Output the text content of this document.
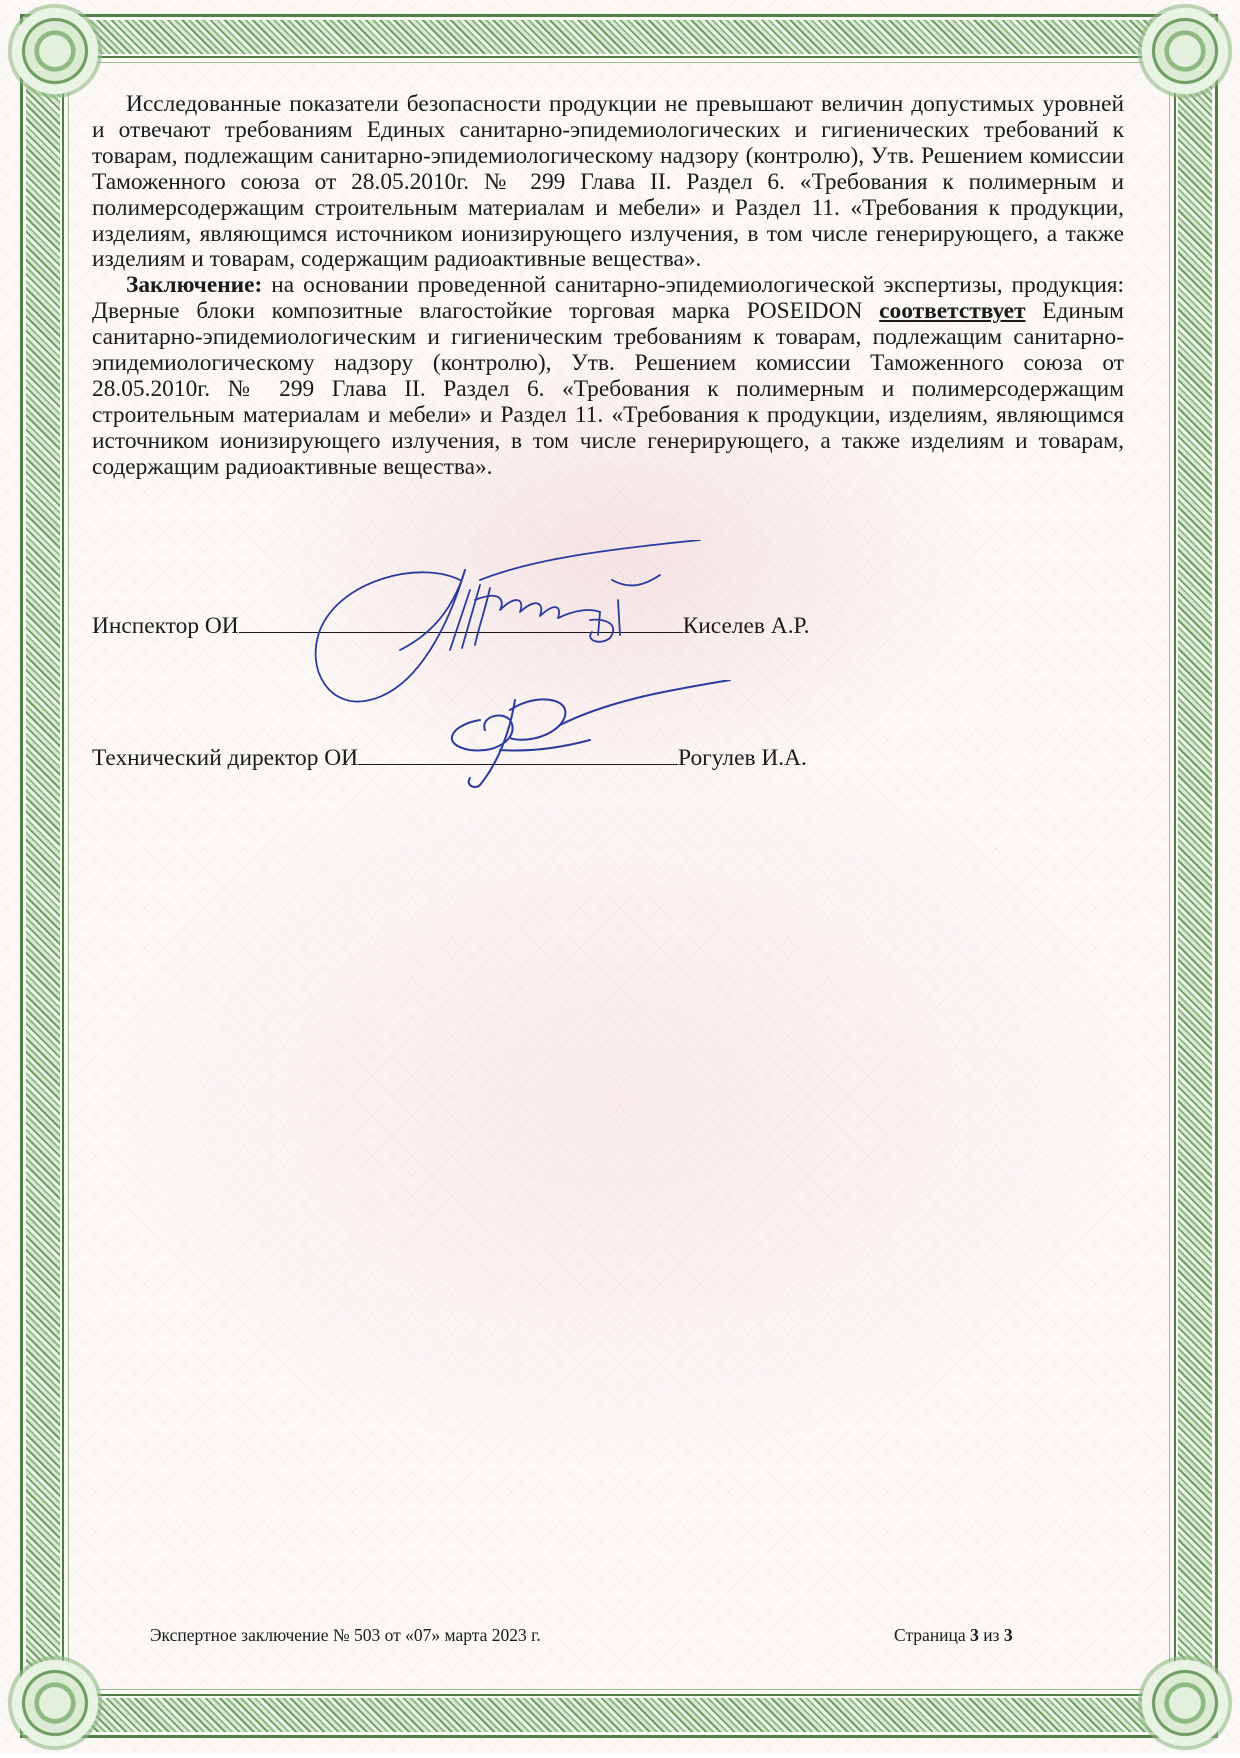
Исследованные показатели безопасности продукции не превышают величин допустимых уровней и отвечают требованиям Единых санитарно-эпидемиологических и гигиенических требований к товарам, подлежащим санитарно-эпидемиологическому надзору (контролю), Утв. Решением комиссии Таможенного союза от 28.05.2010г. № 299 Глава II. Раздел 6. «Требования к полимерным и полимерсодержащим строительным материалам и мебели» и Раздел 11. «Требования к продукции, изделиям, являющимся источником ионизирующего излучения, в том числе генерирующего, а также изделиям и товарам, содержащим радиоактивные вещества».

Заключение: на основании проведенной санитарно-эпидемиологической экспертизы, продукция: Дверные блоки композитные влагостойкие торговая марка POSEIDON соответствует Единым санитарно-эпидемиологическим и гигиеническим требованиям к товарам, подлежащим санитарно-эпидемиологическому надзору (контролю), Утв. Решением комиссии Таможенного союза от 28.05.2010г. № 299 Глава II. Раздел 6. «Требования к полимерным и полимерсодержащим строительным материалам и мебели» и Раздел 11. «Требования к продукции, изделиям, являющимся источником ионизирующего излучения, в том числе генерирующего, а также изделиям и товарам, содержащим радиоактивные вещества».

Инспектор ОИ	Киселев А.Р.
Технический директор ОИ	Рогулев И.А.
Экспертное заключение № 503 от «07» марта 2023 г.	Страница 3 из 3
